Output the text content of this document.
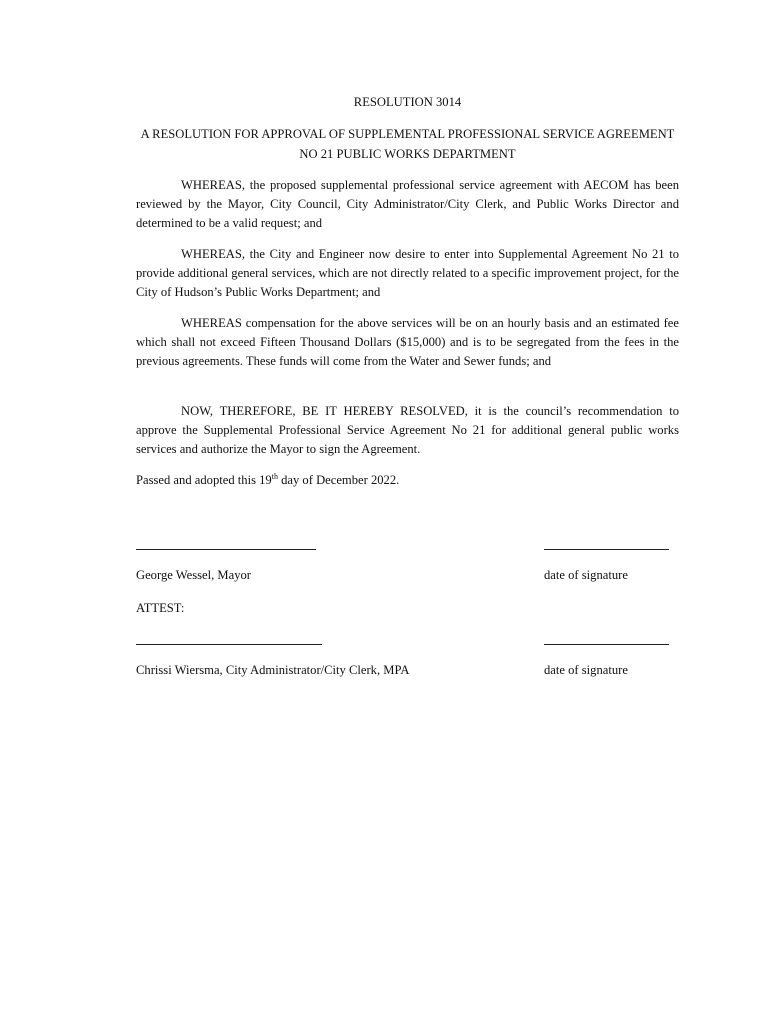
RESOLUTION 3014
A RESOLUTION FOR APPROVAL OF SUPPLEMENTAL PROFESSIONAL SERVICE AGREEMENT NO 21 PUBLIC WORKS DEPARTMENT

WHEREAS, the proposed supplemental professional service agreement with AECOM has been reviewed by the Mayor, City Council, City Administrator/City Clerk, and Public Works Director and determined to be a valid request; and

WHEREAS, the City and Engineer now desire to enter into Supplemental Agreement No 21 to provide additional general services, which are not directly related to a specific improvement project, for the City of Hudson’s Public Works Department; and

WHEREAS compensation for the above services will be on an hourly basis and an estimated fee which shall not exceed Fifteen Thousand Dollars ($15,000) and is to be segregated from the fees in the previous agreements. These funds will come from the Water and Sewer funds; and

NOW, THEREFORE, BE IT HEREBY RESOLVED, it is the council’s recommendation to approve the Supplemental Professional Service Agreement No 21 for additional general public works services and authorize the Mayor to sign the Agreement.

Passed and adopted this 19th day of December 2022.
George Wessel, Mayor	date of signature
ATTEST:
Chrissi Wiersma, City Administrator/City Clerk, MPA	date of signature
